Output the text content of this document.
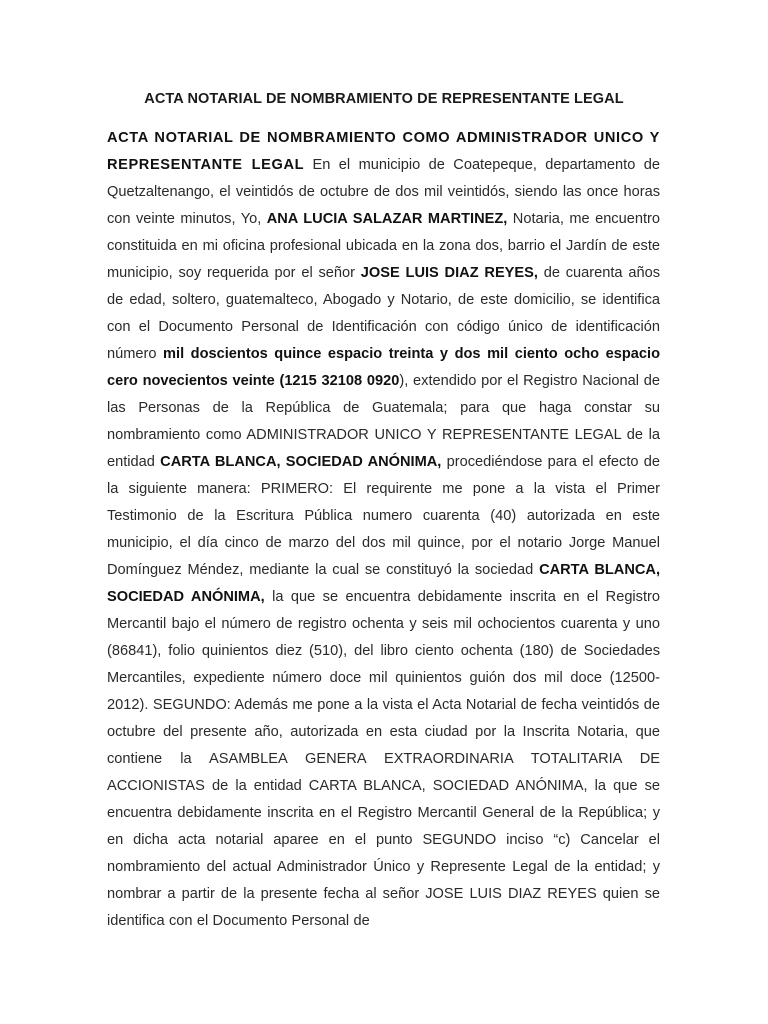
ACTA NOTARIAL DE NOMBRAMIENTO DE REPRESENTANTE LEGAL

ACTA NOTARIAL DE NOMBRAMIENTO COMO ADMINISTRADOR UNICO Y REPRESENTANTE LEGAL En el municipio de Coatepeque, departamento de Quetzaltenango, el veintidós de octubre de dos mil veintidós, siendo las once horas con veinte minutos, Yo, ANA LUCIA SALAZAR MARTINEZ, Notaria, me encuentro constituida en mi oficina profesional ubicada en la zona dos, barrio el Jardín de este municipio, soy requerida por el señor JOSE LUIS DIAZ REYES, de cuarenta años de edad, soltero, guatemalteco, Abogado y Notario, de este domicilio, se identifica con el Documento Personal de Identificación con código único de identificación número mil doscientos quince espacio treinta y dos mil ciento ocho espacio cero novecientos veinte (1215 32108 0920), extendido por el Registro Nacional de las Personas de la República de Guatemala; para que haga constar su nombramiento como ADMINISTRADOR UNICO Y REPRESENTANTE LEGAL de la entidad CARTA BLANCA, SOCIEDAD ANÓNIMA, procediéndose para el efecto de la siguiente manera: PRIMERO: El requirente me pone a la vista el Primer Testimonio de la Escritura Pública numero cuarenta (40) autorizada en este municipio, el día cinco de marzo del dos mil quince, por el notario Jorge Manuel Domínguez Méndez, mediante la cual se constituyó la sociedad CARTA BLANCA, SOCIEDAD ANÓNIMA, la que se encuentra debidamente inscrita en el Registro Mercantil bajo el número de registro ochenta y seis mil ochocientos cuarenta y uno (86841), folio quinientos diez (510), del libro ciento ochenta (180) de Sociedades Mercantiles, expediente número doce mil quinientos guión dos mil doce (12500-2012). SEGUNDO: Además me pone a la vista el Acta Notarial de fecha veintidós de octubre del presente año, autorizada en esta ciudad por la Inscrita Notaria, que contiene la ASAMBLEA GENERA EXTRAORDINARIA TOTALITARIA DE ACCIONISTAS de la entidad CARTA BLANCA, SOCIEDAD ANÓNIMA, la que se encuentra debidamente inscrita en el Registro Mercantil General de la República; y en dicha acta notarial aparee en el punto SEGUNDO inciso “c) Cancelar el nombramiento del actual Administrador Único y Represente Legal de la entidad; y nombrar a partir de la presente fecha al señor JOSE LUIS DIAZ REYES quien se identifica con el Documento Personal de
